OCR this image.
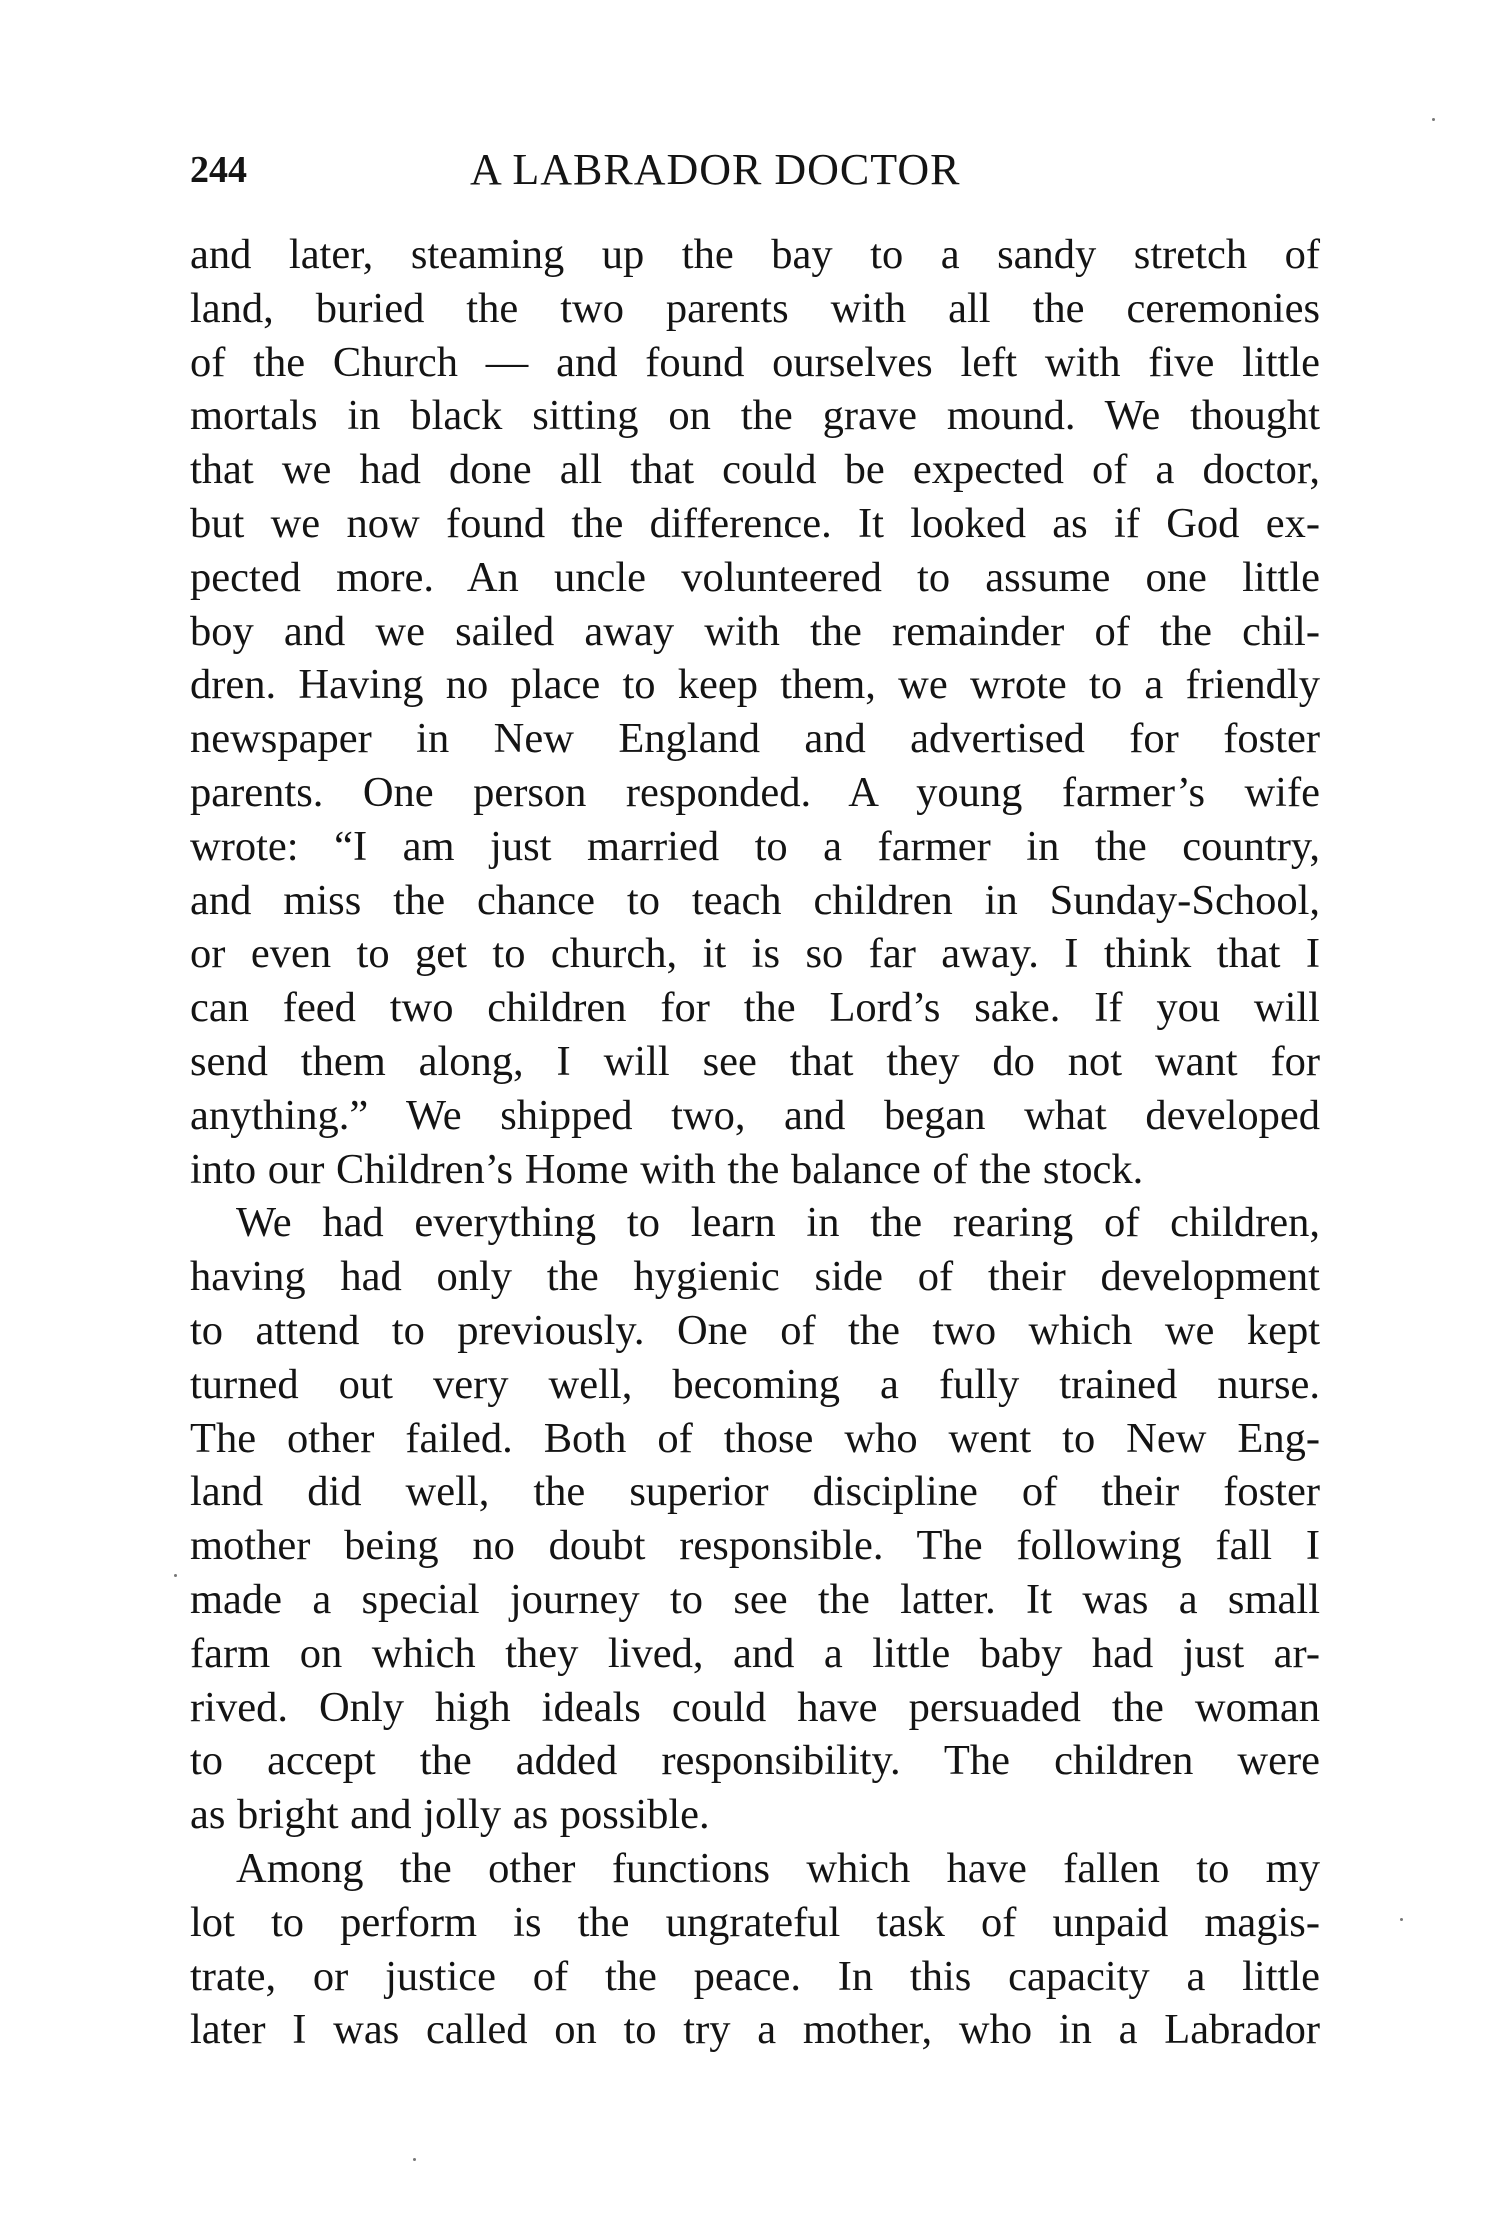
244	A LABRADOR DOCTOR
and later, steaming up the bay to a sandy stretch of
land, buried the two parents with all the ceremonies
of the Church — and found ourselves left with five little
mortals in black sitting on the grave mound. We thought
that we had done all that could be expected of a doctor,
but we now found the difference. It looked as if God ex-
pected more. An uncle volunteered to assume one little
boy and we sailed away with the remainder of the chil-
dren. Having no place to keep them, we wrote to a friendly
newspaper in New England and advertised for foster
parents. One person responded. A young farmer’s wife
wrote: “I am just married to a farmer in the country,
and miss the chance to teach children in Sunday-School,
or even to get to church, it is so far away. I think that I
can feed two children for the Lord’s sake. If you will
send them along, I will see that they do not want for
anything.” We shipped two, and began what developed
into our Children’s Home with the balance of the stock.
We had everything to learn in the rearing of children,
having had only the hygienic side of their development
to attend to previously. One of the two which we kept
turned out very well, becoming a fully trained nurse.
The other failed. Both of those who went to New Eng-
land did well, the superior discipline of their foster
mother being no doubt responsible. The following fall I
made a special journey to see the latter. It was a small
farm on which they lived, and a little baby had just ar-
rived. Only high ideals could have persuaded the woman
to accept the added responsibility. The children were
as bright and jolly as possible.
Among the other functions which have fallen to my
lot to perform is the ungrateful task of unpaid magis-
trate, or justice of the peace. In this capacity a little
later I was called on to try a mother, who in a Labrador
